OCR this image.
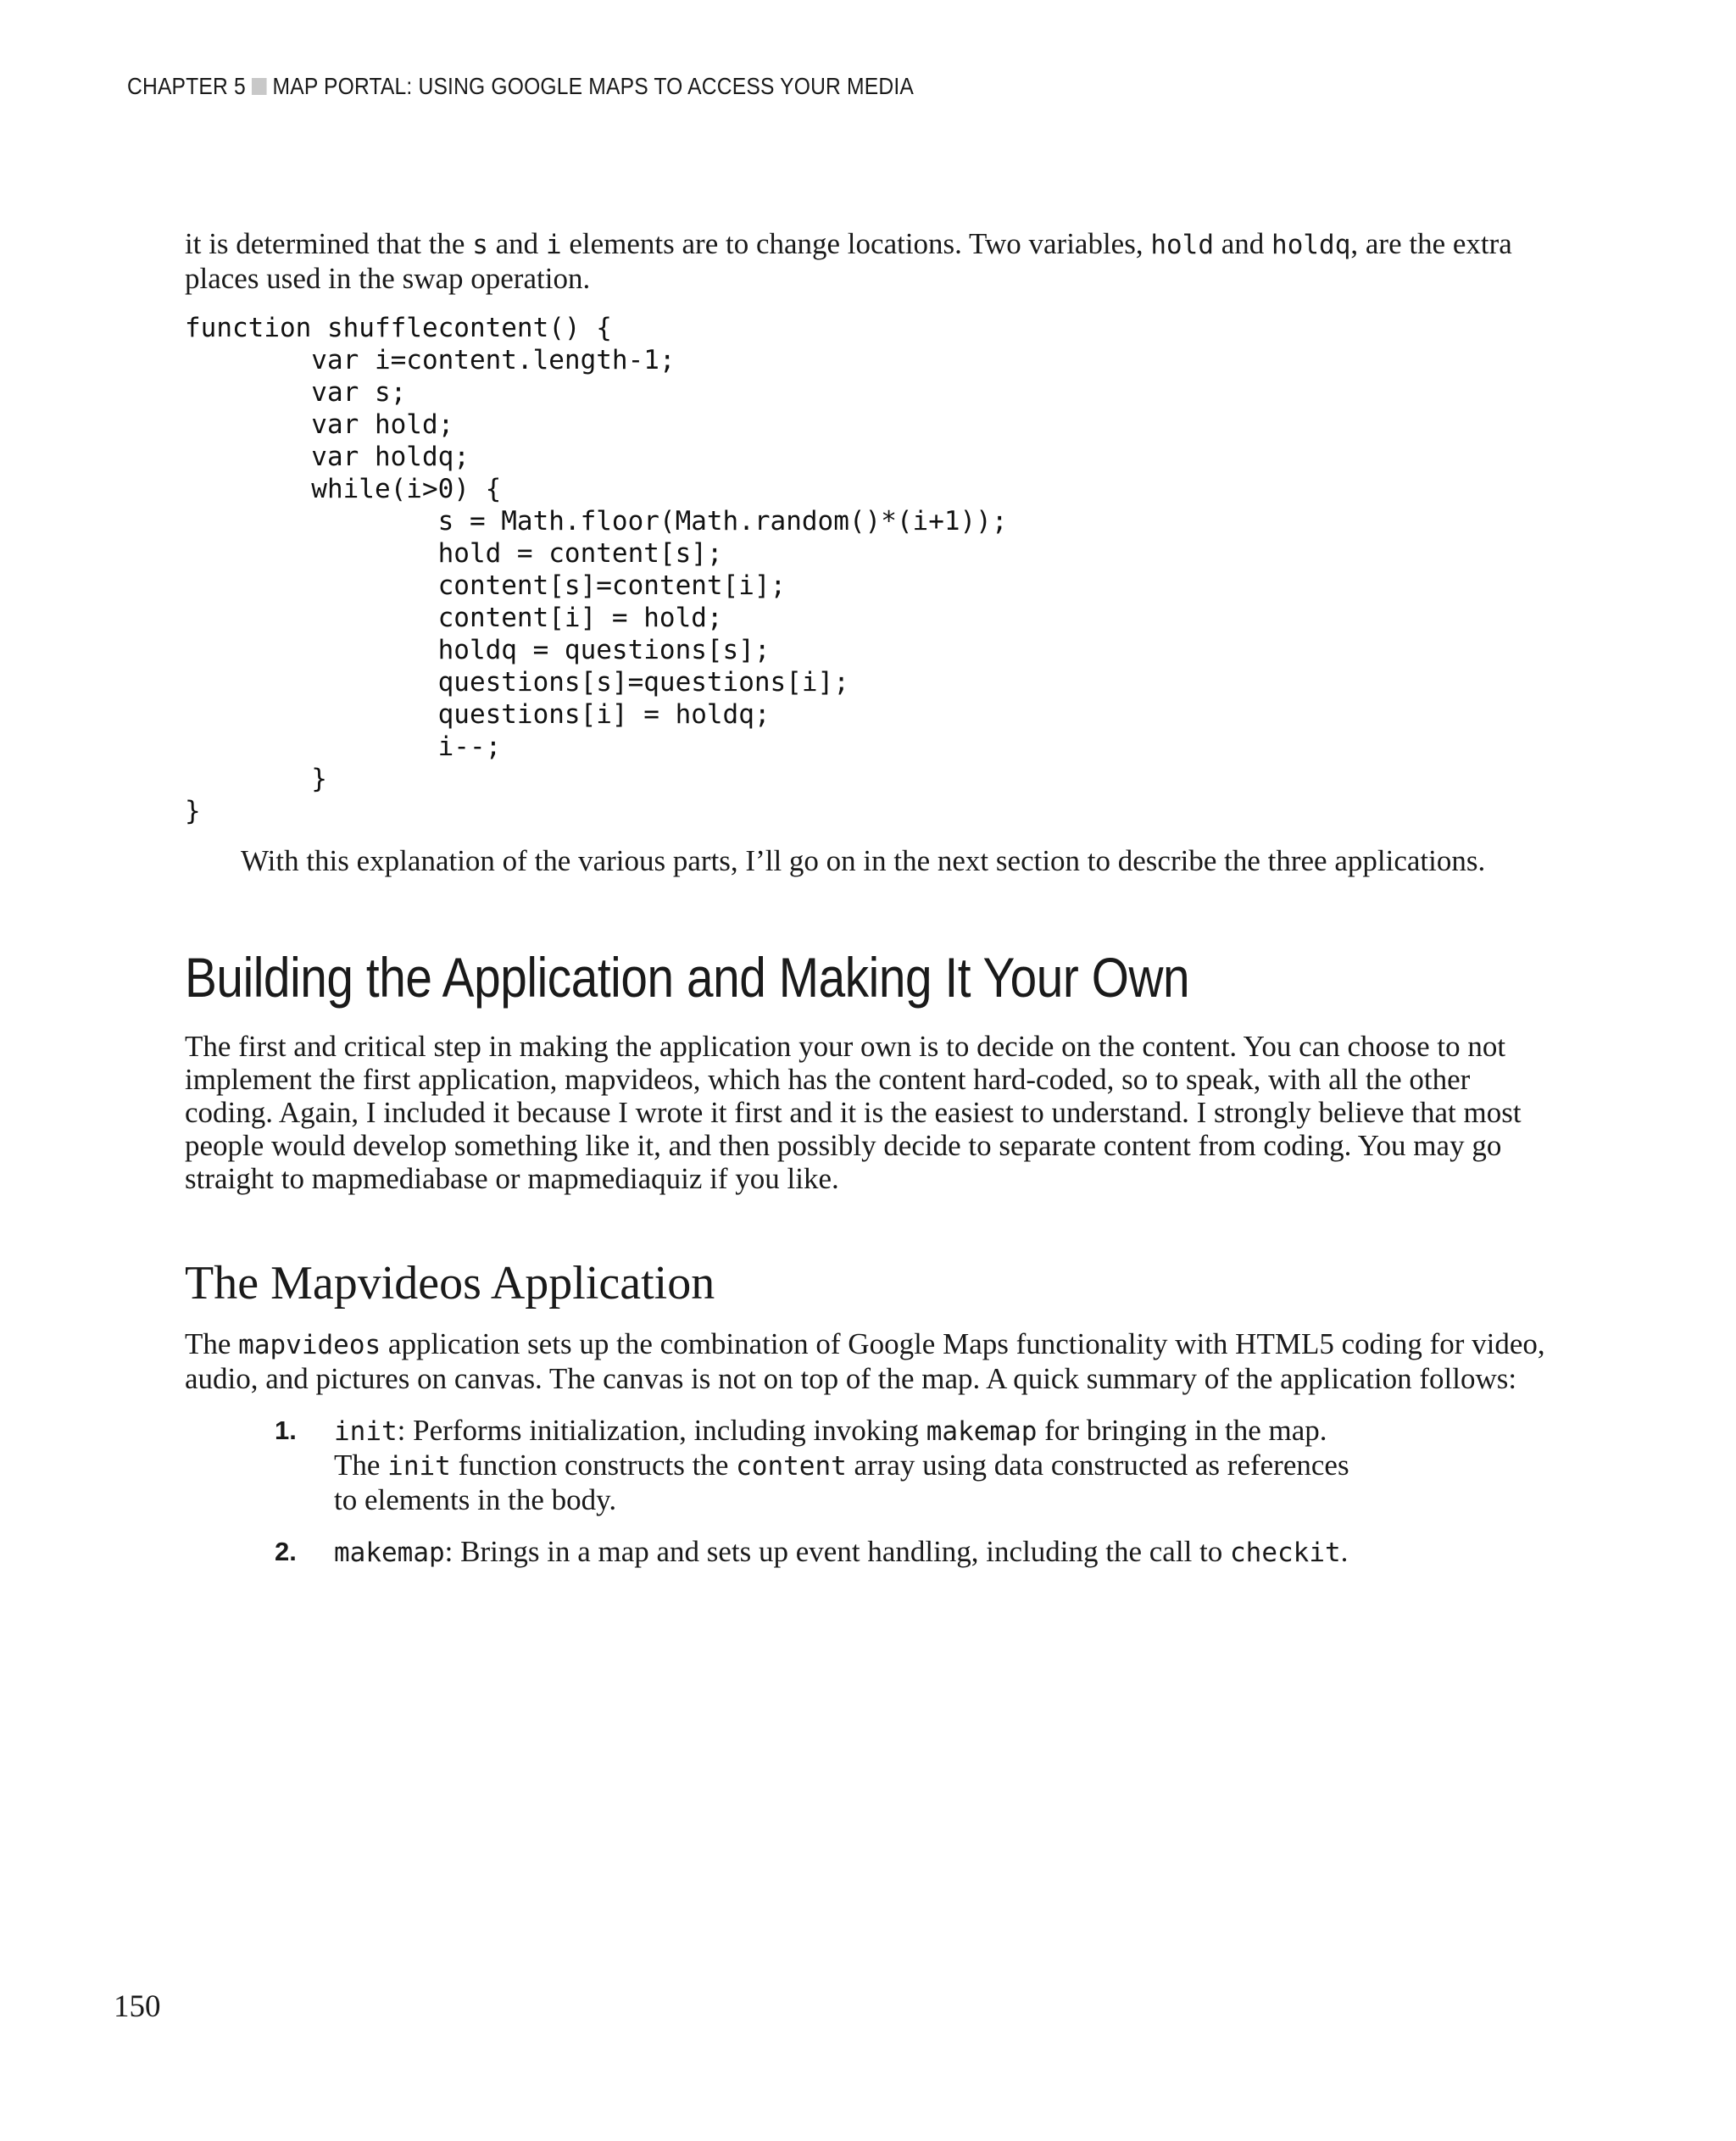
CHAPTER 5 MAP PORTAL: USING GOOGLE MAPS TO ACCESS YOUR MEDIA

it is determined that the s and i elements are to change locations. Two variables, hold and holdq, are the extra places used in the swap operation.

function shufflecontent() {
var i=content.length-1;
var s;
var hold;
var holdq;
while(i>0) {
s = Math.floor(Math.random()*(i+1));
hold = content[s];
content[s]=content[i];
content[i] = hold;
holdq = questions[s];
questions[s]=questions[i];
questions[i] = holdq;
i--;
}
}

With this explanation of the various parts, I’ll go on in the next section to describe the three applications.

Building the Application and Making It Your Own

The first and critical step in making the application your own is to decide on the content. You can choose to not implement the first application, mapvideos, which has the content hard-coded, so to speak, with all the other coding. Again, I included it because I wrote it first and it is the easiest to understand. I strongly believe that most people would develop something like it, and then possibly decide to separate content from coding. You may go straight to mapmediabase or mapmediaquiz if you like.

The Mapvideos Application

The mapvideos application sets up the combination of Google Maps functionality with HTML5 coding for video, audio, and pictures on canvas. The canvas is not on top of the map. A quick summary of the application follows:

1. init: Performs initialization, including invoking makemap for bringing in the map. The init function constructs the content array using data constructed as references to elements in the body.
2. makemap: Brings in a map and sets up event handling, including the call to checkit.
150
